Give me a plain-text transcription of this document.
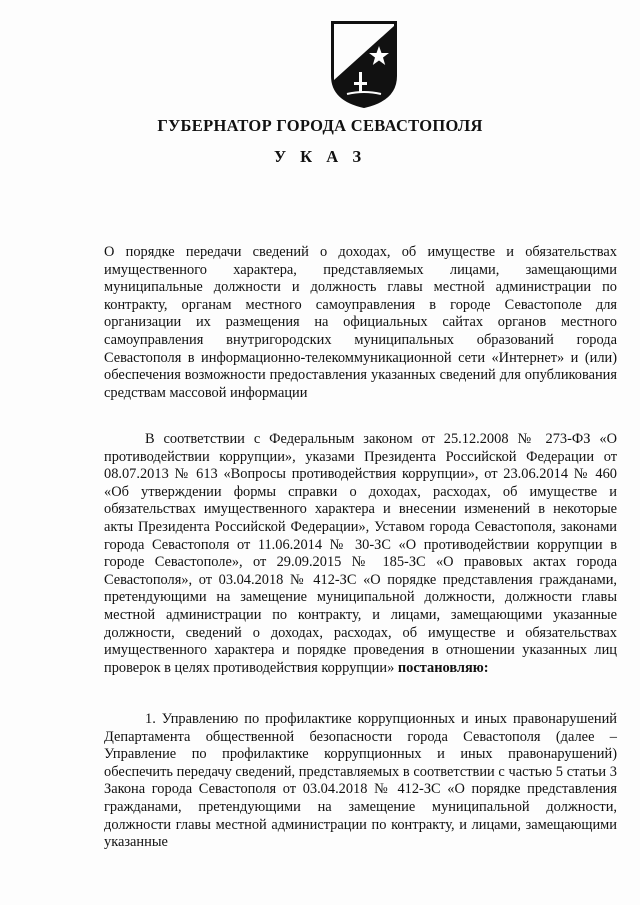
ГУБЕРНАТОР ГОРОДА СЕВАСТОПОЛЯ
У К А З
О порядке передачи сведений о доходах, об имуществе и обязательствах имущественного характера, представляемых лицами, замещающими муниципальные должности и должность главы местной администрации по контракту, органам местного самоуправления в городе Севастополе для организации их размещения на официальных сайтах органов местного самоуправления внутригородских муниципальных образований города Севастополя в информационно-телекоммуникационной сети «Интернет» и (или) обеспечения возможности предоставления указанных сведений для опубликования средствам массовой информации
В соответствии с Федеральным законом от 25.12.2008 № 273-ФЗ «О противодействии коррупции», указами Президента Российской Федерации от 08.07.2013 № 613 «Вопросы противодействия коррупции», от 23.06.2014 № 460 «Об утверждении формы справки о доходах, расходах, об имуществе и обязательствах имущественного характера и внесении изменений в некоторые акты Президента Российской Федерации», Уставом города Севастополя, законами города Севастополя от 11.06.2014 № 30-ЗС «О противодействии коррупции в городе Севастополе», от 29.09.2015 № 185-ЗС «О правовых актах города Севастополя», от 03.04.2018 № 412-ЗС «О порядке представления гражданами, претендующими на замещение муниципальной должности, должности главы местной администрации по контракту, и лицами, замещающими указанные должности, сведений о доходах, расходах, об имуществе и обязательствах имущественного характера и порядке проведения в отношении указанных лиц проверок в целях противодействия коррупции» постановляю:
1. Управлению по профилактике коррупционных и иных правонарушений Департамента общественной безопасности города Севастополя (далее – Управление по профилактике коррупционных и иных правонарушений) обеспечить передачу сведений, представляемых в соответствии с частью 5 статьи 3 Закона города Севастополя от 03.04.2018 № 412-ЗС «О порядке представления гражданами, претендующими на замещение муниципальной должности, должности главы местной администрации по контракту, и лицами, замещающими указанные
